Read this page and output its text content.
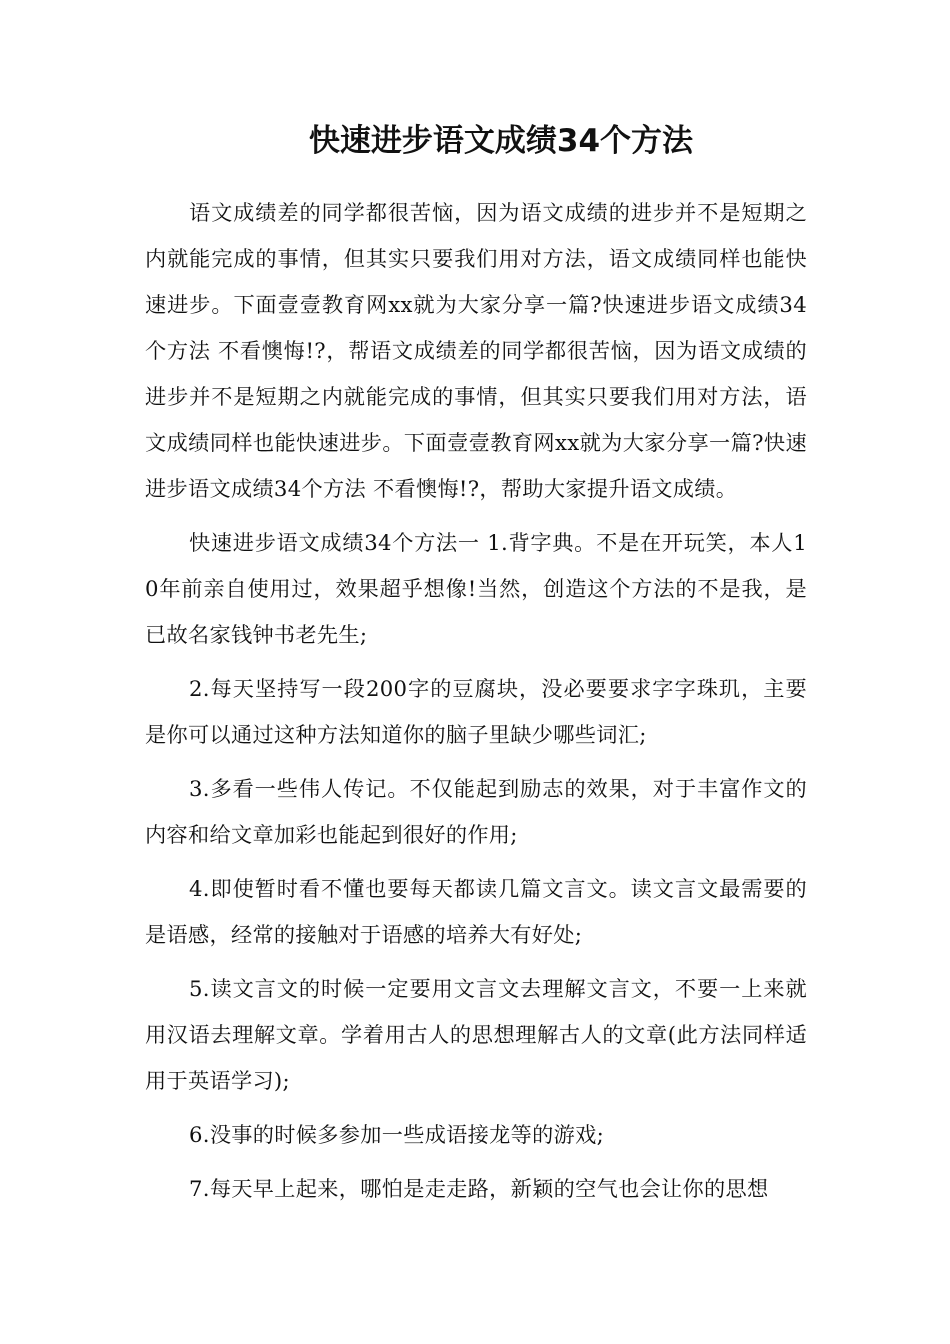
快速进步语文成绩34个方法

语文成绩差的同学都很苦恼，因为语文成绩的进步并不是短期之内就能完成的事情，但其实只要我们用对方法，语文成绩同样也能快速进步。下面壹壹教育网xx就为大家分享一篇?快速进步语文成绩34个方法 不看懊悔!?，帮语文成绩差的同学都很苦恼，因为语文成绩的进步并不是短期之内就能完成的事情，但其实只要我们用对方法，语文成绩同样也能快速进步。下面壹壹教育网xx就为大家分享一篇?快速进步语文成绩34个方法 不看懊悔!?，帮助大家提升语文成绩。

快速进步语文成绩34个方法一 1.背字典。不是在开玩笑，本人10年前亲自使用过，效果超乎想像!当然，创造这个方法的不是我，是已故名家钱钟书老先生;

2.每天坚持写一段200字的豆腐块，没必要要求字字珠玑，主要是你可以通过这种方法知道你的脑子里缺少哪些词汇;

3.多看一些伟人传记。不仅能起到励志的效果，对于丰富作文的内容和给文章加彩也能起到很好的作用;

4.即使暂时看不懂也要每天都读几篇文言文。读文言文最需要的是语感，经常的接触对于语感的培养大有好处;

5.读文言文的时候一定要用文言文去理解文言文，不要一上来就用汉语去理解文章。学着用古人的思想理解古人的文章(此方法同样适用于英语学习);

6.没事的时候多参加一些成语接龙等的游戏;

7.每天早上起来，哪怕是走走路，新颖的空气也会让你的思想
